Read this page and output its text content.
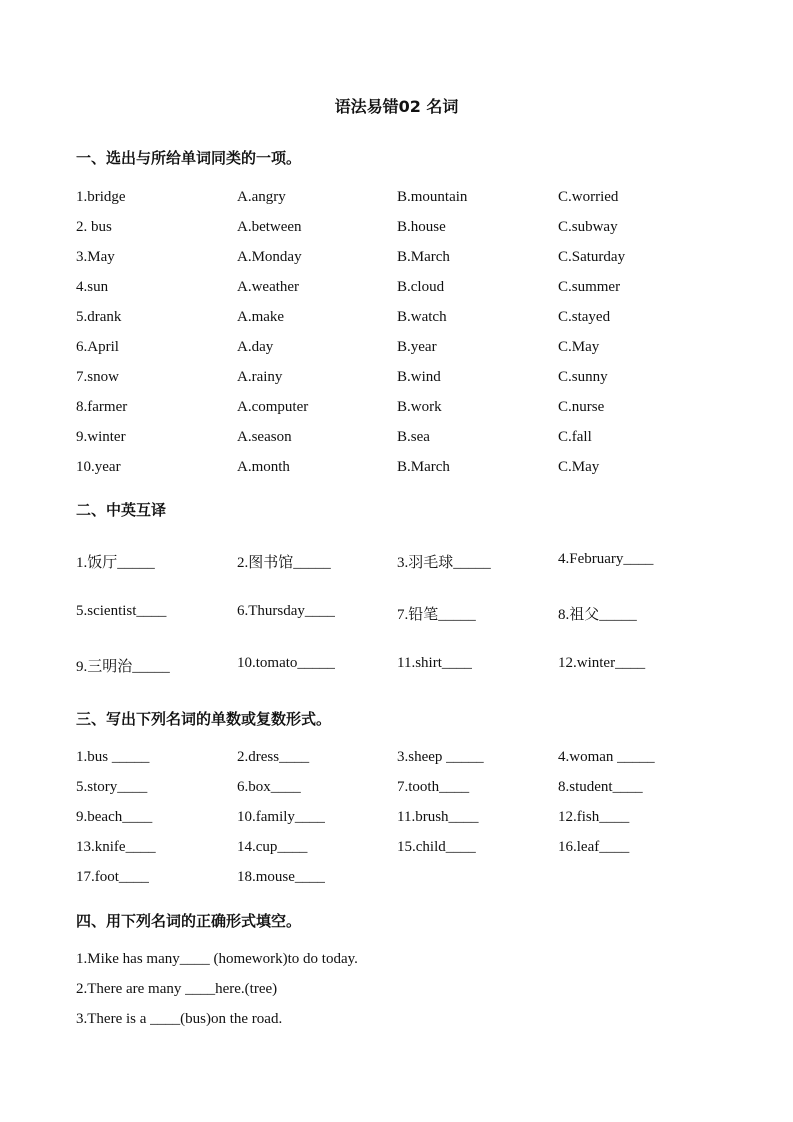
语法易错02 名词
一、选出与所给单词同类的一项。
1.bridge	A.angry	B.mountain	C.worried
2. bus	A.between	B.house	C.subway
3.May	A.Monday	B.March	C.Saturday
4.sun	A.weather	B.cloud	C.summer
5.drank	A.make	B.watch	C.stayed
6.April	A.day	B.year	C.May
7.snow	A.rainy	B.wind	C.sunny
8.farmer	A.computer	B.work	C.nurse
9.winter	A.season	B.sea	C.fall
10.year	A.month	B.March	C.May
二、中英互译
1.饭厅_____	2.图书馆_____	3.羽毛球_____	4.February____
5.scientist____	6.Thursday____	7.铅笔_____	8.祖父_____
9.三明治_____	10.tomato_____	11.shirt____	12.winter____
三、写出下列名词的单数或复数形式。
1.bus _____	2.dress____	3.sheep _____	4.woman _____
5.story____	6.box____	7.tooth____	8.student____
9.beach____	10.family____	11.brush____	12.fish____
13.knife____	14.cup____	15.child____	16.leaf____
17.foot____	18.mouse____
四、用下列名词的正确形式填空。
1.Mike has many____ (homework)to do today.
2.There are many ____here.(tree)
3.There is a ____(bus)on the road.
